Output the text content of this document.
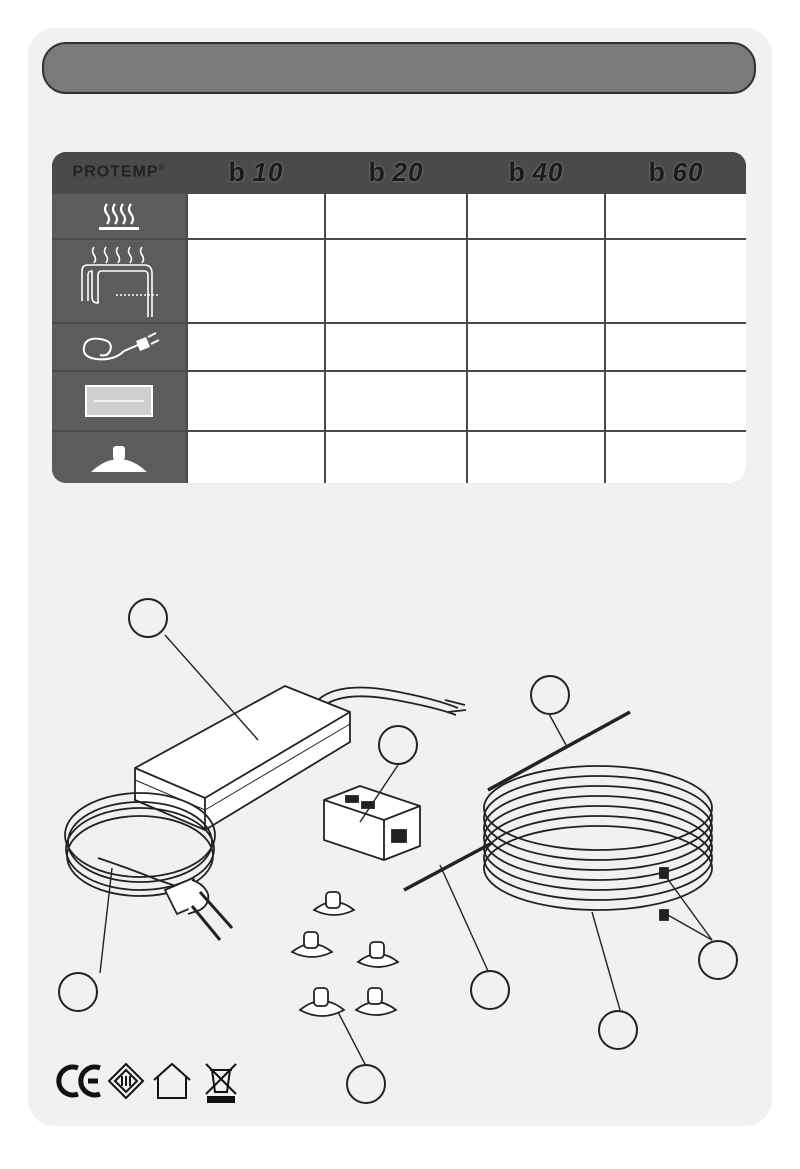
PROTEMP® b 10	b 20	b 40	b 60
